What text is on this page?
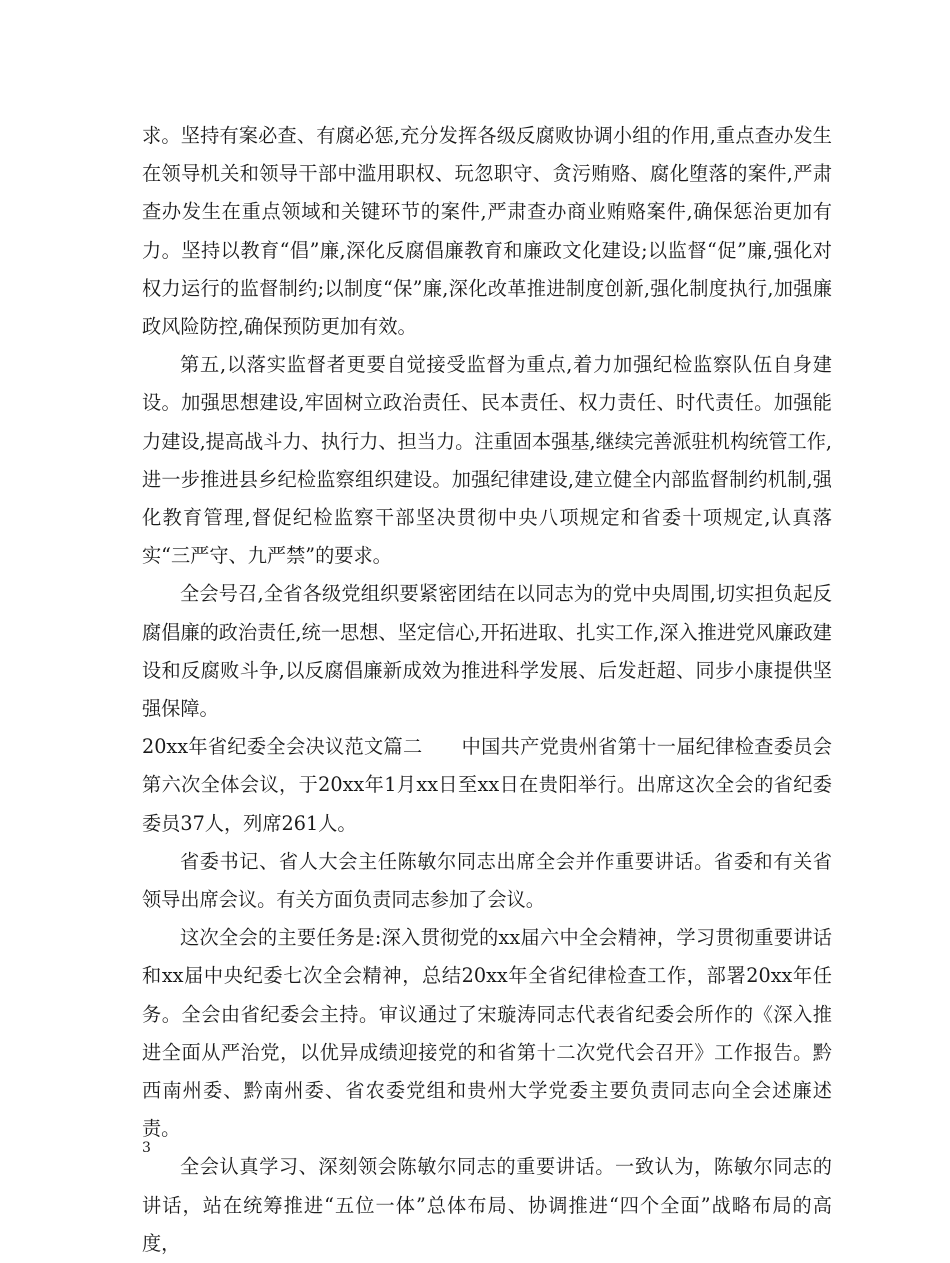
求。坚持有案必查、有腐必惩,充分发挥各级反腐败协调小组的作用,重点查办发生在领导机关和领导干部中滥用职权、玩忽职守、贪污贿赂、腐化堕落的案件,严肃查办发生在重点领域和关键环节的案件,严肃查办商业贿赂案件,确保惩治更加有力。坚持以教育“倡”廉,深化反腐倡廉教育和廉政文化建设;以监督“促”廉,强化对权力运行的监督制约;以制度“保”廉,深化改革推进制度创新,强化制度执行,加强廉政风险防控,确保预防更加有效。

第五,以落实监督者更要自觉接受监督为重点,着力加强纪检监察队伍自身建设。加强思想建设,牢固树立政治责任、民本责任、权力责任、时代责任。加强能力建设,提高战斗力、执行力、担当力。注重固本强基,继续完善派驻机构统管工作,进一步推进县乡纪检监察组织建设。加强纪律建设,建立健全内部监督制约机制,强化教育管理,督促纪检监察干部坚决贯彻中央八项规定和省委十项规定,认真落实“三严守、九严禁”的要求。

全会号召,全省各级党组织要紧密团结在以同志为的党中央周围,切实担负起反腐倡廉的政治责任,统一思想、坚定信心,开拓进取、扎实工作,深入推进党风廉政建设和反腐败斗争,以反腐倡廉新成效为推进科学发展、后发赶超、同步小康提供坚强保障。

20xx年省纪委全会决议范文篇二　　中国共产党贵州省第十一届纪律检查委员会第六次全体会议，于20xx年1月xx日至xx日在贵阳举行。出席这次全会的省纪委委员37人，列席261人。

省委书记、省人大会主任陈敏尔同志出席全会并作重要讲话。省委和有关省领导出席会议。有关方面负责同志参加了会议。

这次全会的主要任务是:深入贯彻党的xx届六中全会精神，学习贯彻重要讲话和xx届中央纪委七次全会精神，总结20xx年全省纪律检查工作，部署20xx年任务。全会由省纪委会主持。审议通过了宋璇涛同志代表省纪委会所作的《深入推进全面从严治党，以优异成绩迎接党的和省第十二次党代会召开》工作报告。黔西南州委、黔南州委、省农委党组和贵州大学党委主要负责同志向全会述廉述责。

全会认真学习、深刻领会陈敏尔同志的重要讲话。一致认为，陈敏尔同志的讲话，站在统筹推进“五位一体”总体布局、协调推进“四个全面”战略布局的高度，

3
